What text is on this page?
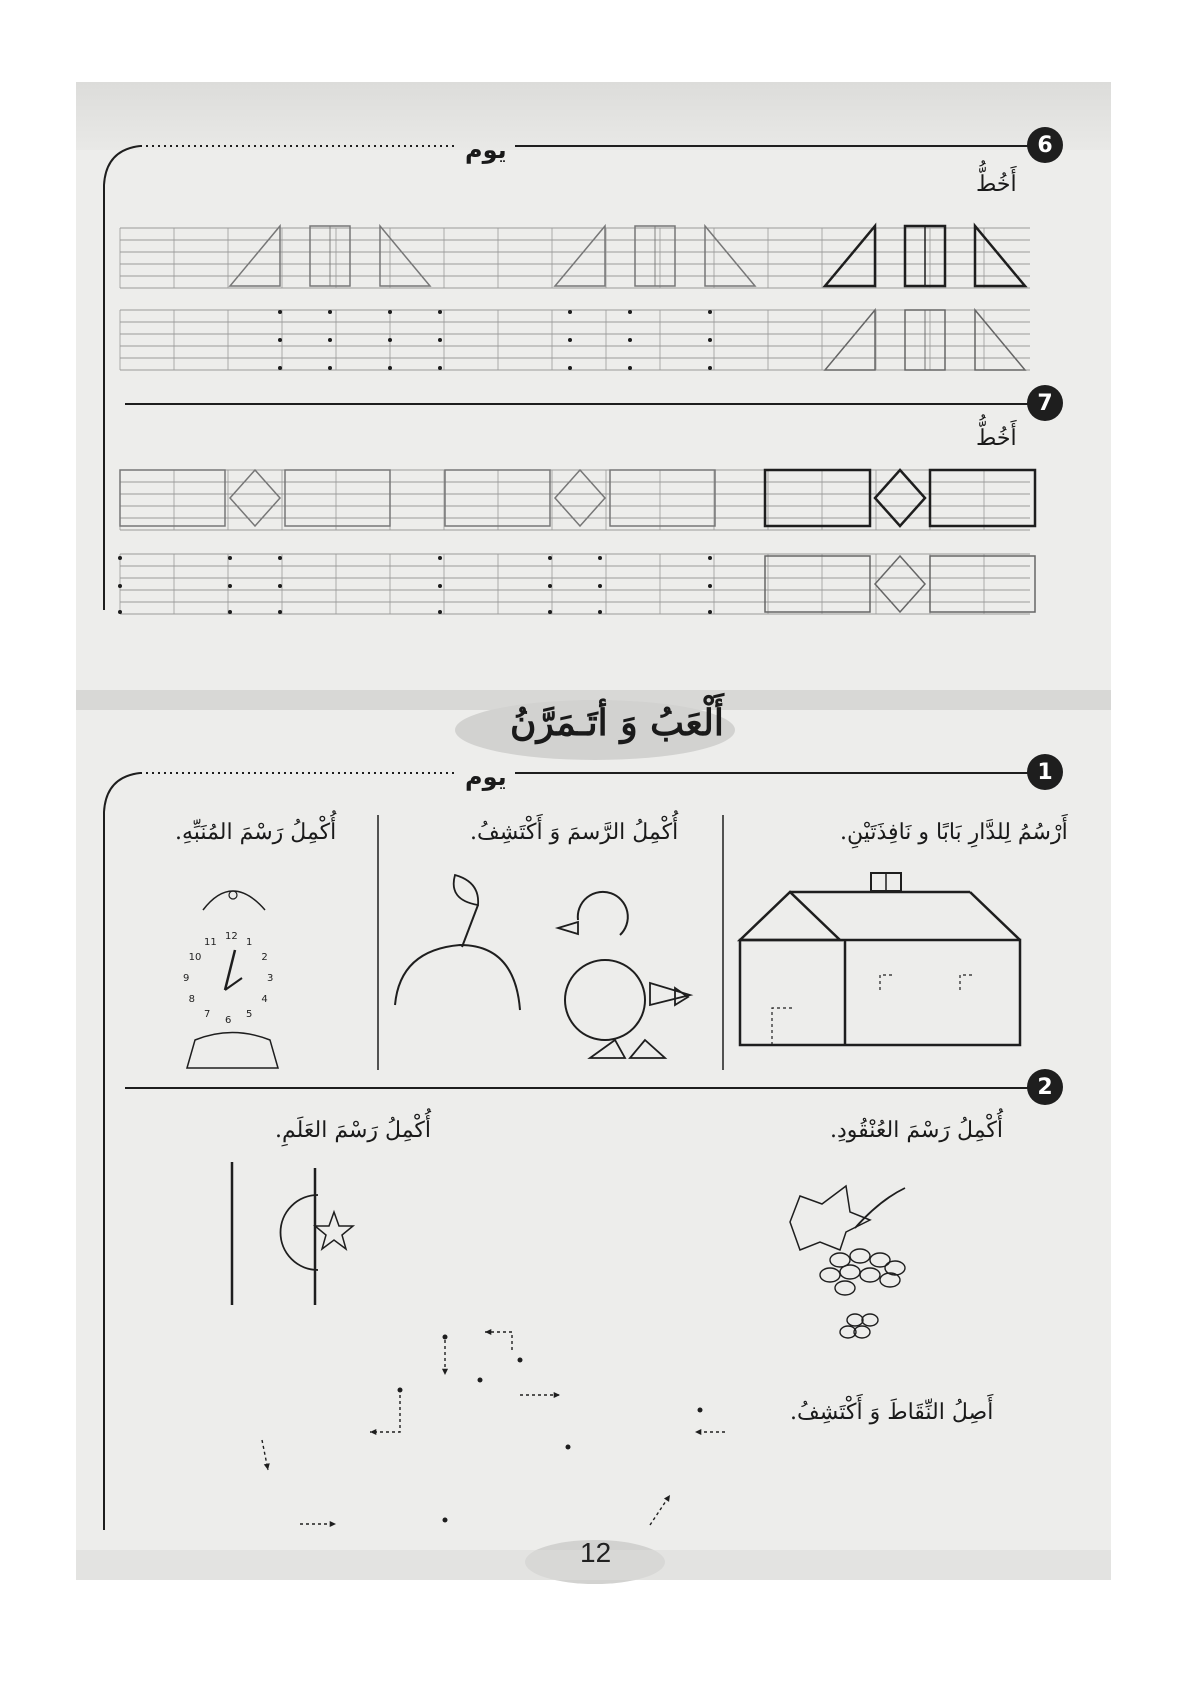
6
يوم
أَخُطُّ
7
أَخُطُّ
أَلْعَبُ وَ أتَـمَرَّنُ
1
يوم
أَرْسُمُ لِلدَّارِ بَابًا و نَافِذَتَيْنِ.
أُكْمِلُ الرَّسمَ وَ أَكْتَشِفُ.
أُكْمِلُ رَسْمَ المُنَبِّهِ.
2
أُكْمِلُ رَسْمَ العُنْقُودِ.
أُكْمِلُ رَسْمَ العَلَمِ.
أَصِلُ النِّقَاطَ وَ أَكْتَشِفُ.
12
1
2
3
4
5
6
7
8
9
10
11
12
